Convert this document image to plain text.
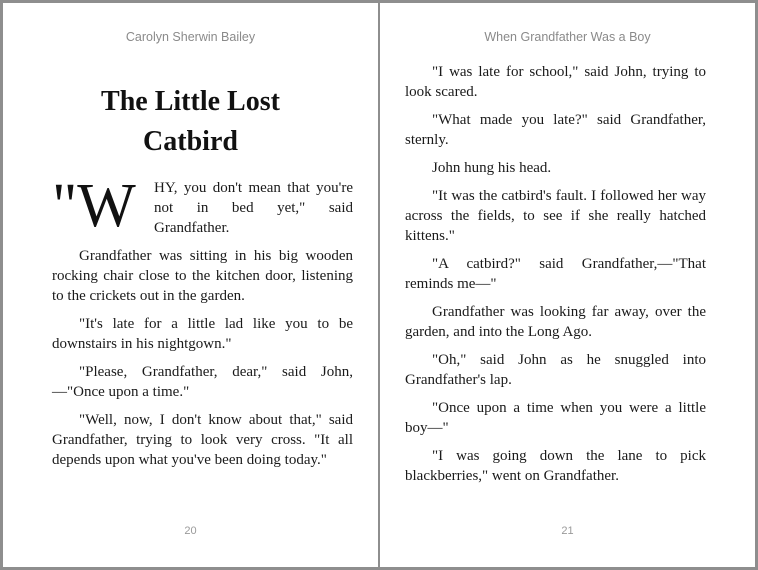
Carolyn Sherwin Bailey
The Little Lost
Catbird
"W HY, you don't mean that you're
not in bed yet," said
Grandfather.

Grandfather was sitting in his big wooden rocking chair close to the kitchen door, listening to the crickets out in the garden.

"It's late for a little lad like you to be downstairs in his nightgown."

"Please, Grandfather, dear," said John, —"Once upon a time."

"Well, now, I don't know about that," said Grandfather, trying to look very cross. "It all depends upon what you've been doing today."

20
When Grandfather Was a Boy

"I was late for school," said John, trying to look scared.

"What made you late?" said Grandfather, sternly.

John hung his head.

"It was the catbird's fault. I followed her way across the fields, to see if she really hatched kittens."

"A catbird?" said Grandfather,—"That reminds me—"

Grandfather was looking far away, over the garden, and into the Long Ago.

"Oh," said John as he snuggled into Grandfather's lap.

"Once upon a time when you were a little boy—"

"I was going down the lane to pick blackberries," went on Grandfather.

21
